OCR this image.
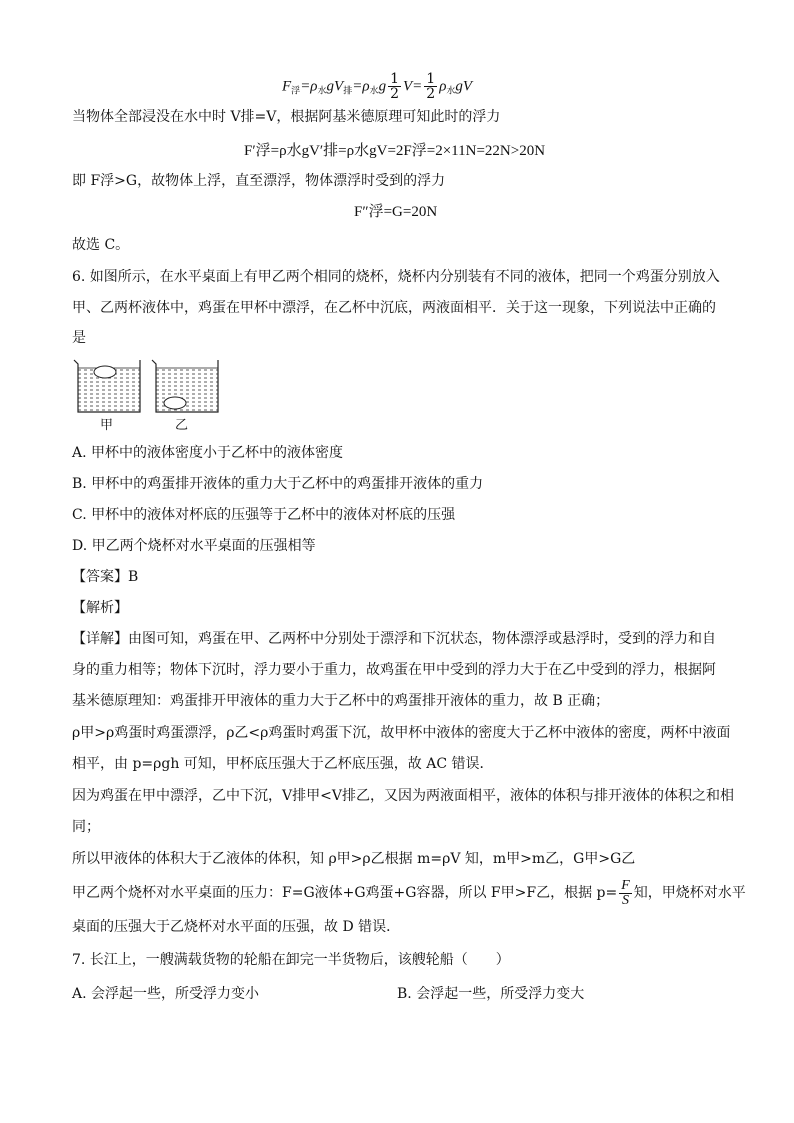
$F_浮=\rho_水gV_排=\rho_水g \frac{1}{2} V= \frac{1}{2} \rho_水gV$
当物体全部浸没在水中时 V排=V，根据阿基米德原理可知此时的浮力
F′浮=ρ水gV′排=ρ水gV=2F浮=2×11N=22N>20N
即 F浮>G，故物体上浮，直至漂浮，物体漂浮时受到的浮力
F″浮=G=20N
故选 C。
6. 如图所示，在水平桌面上有甲乙两个相同的烧杯，烧杯内分别装有不同的液体，把同一个鸡蛋分别放入
甲、乙两杯液体中，鸡蛋在甲杯中漂浮，在乙杯中沉底，两液面相平．关于这一现象，下列说法中正确的
是
甲	乙
A. 甲杯中的液体密度小于乙杯中的液体密度
B. 甲杯中的鸡蛋排开液体的重力大于乙杯中的鸡蛋排开液体的重力
C. 甲杯中的液体对杯底的压强等于乙杯中的液体对杯底的压强
D. 甲乙两个烧杯对水平桌面的压强相等
【答案】B
【解析】
【详解】由图可知，鸡蛋在甲、乙两杯中分别处于漂浮和下沉状态，物体漂浮或悬浮时，受到的浮力和自
身的重力相等；物体下沉时，浮力要小于重力，故鸡蛋在甲中受到的浮力大于在乙中受到的浮力，根据阿
基米德原理知：鸡蛋排开甲液体的重力大于乙杯中的鸡蛋排开液体的重力，故 B 正确；
ρ甲>ρ鸡蛋时鸡蛋漂浮，ρ乙<ρ鸡蛋时鸡蛋下沉，故甲杯中液体的密度大于乙杯中液体的密度，两杯中液面
相平，由 p=ρgh 可知，甲杯底压强大于乙杯底压强，故 AC 错误．
因为鸡蛋在甲中漂浮，乙中下沉，V排甲<V排乙，又因为两液面相平，液体的体积与排开液体的体积之和相
同；
所以甲液体的体积大于乙液体的体积，知 ρ甲>ρ乙根据 m=ρV 知，m甲>m乙，G甲>G乙
甲乙两个烧杯对水平桌面的压力：F=G液体+G鸡蛋+G容器，所以 F甲>F乙，根据 $p= \frac{F}{S}$ 知，甲烧杯对水平
桌面的压强大于乙烧杯对水平面的压强，故 D 错误．
7. 长江上，一艘满载货物的轮船在卸完一半货物后，该艘轮船（　　）
A. 会浮起一些，所受浮力变小	B. 会浮起一些，所受浮力变大
